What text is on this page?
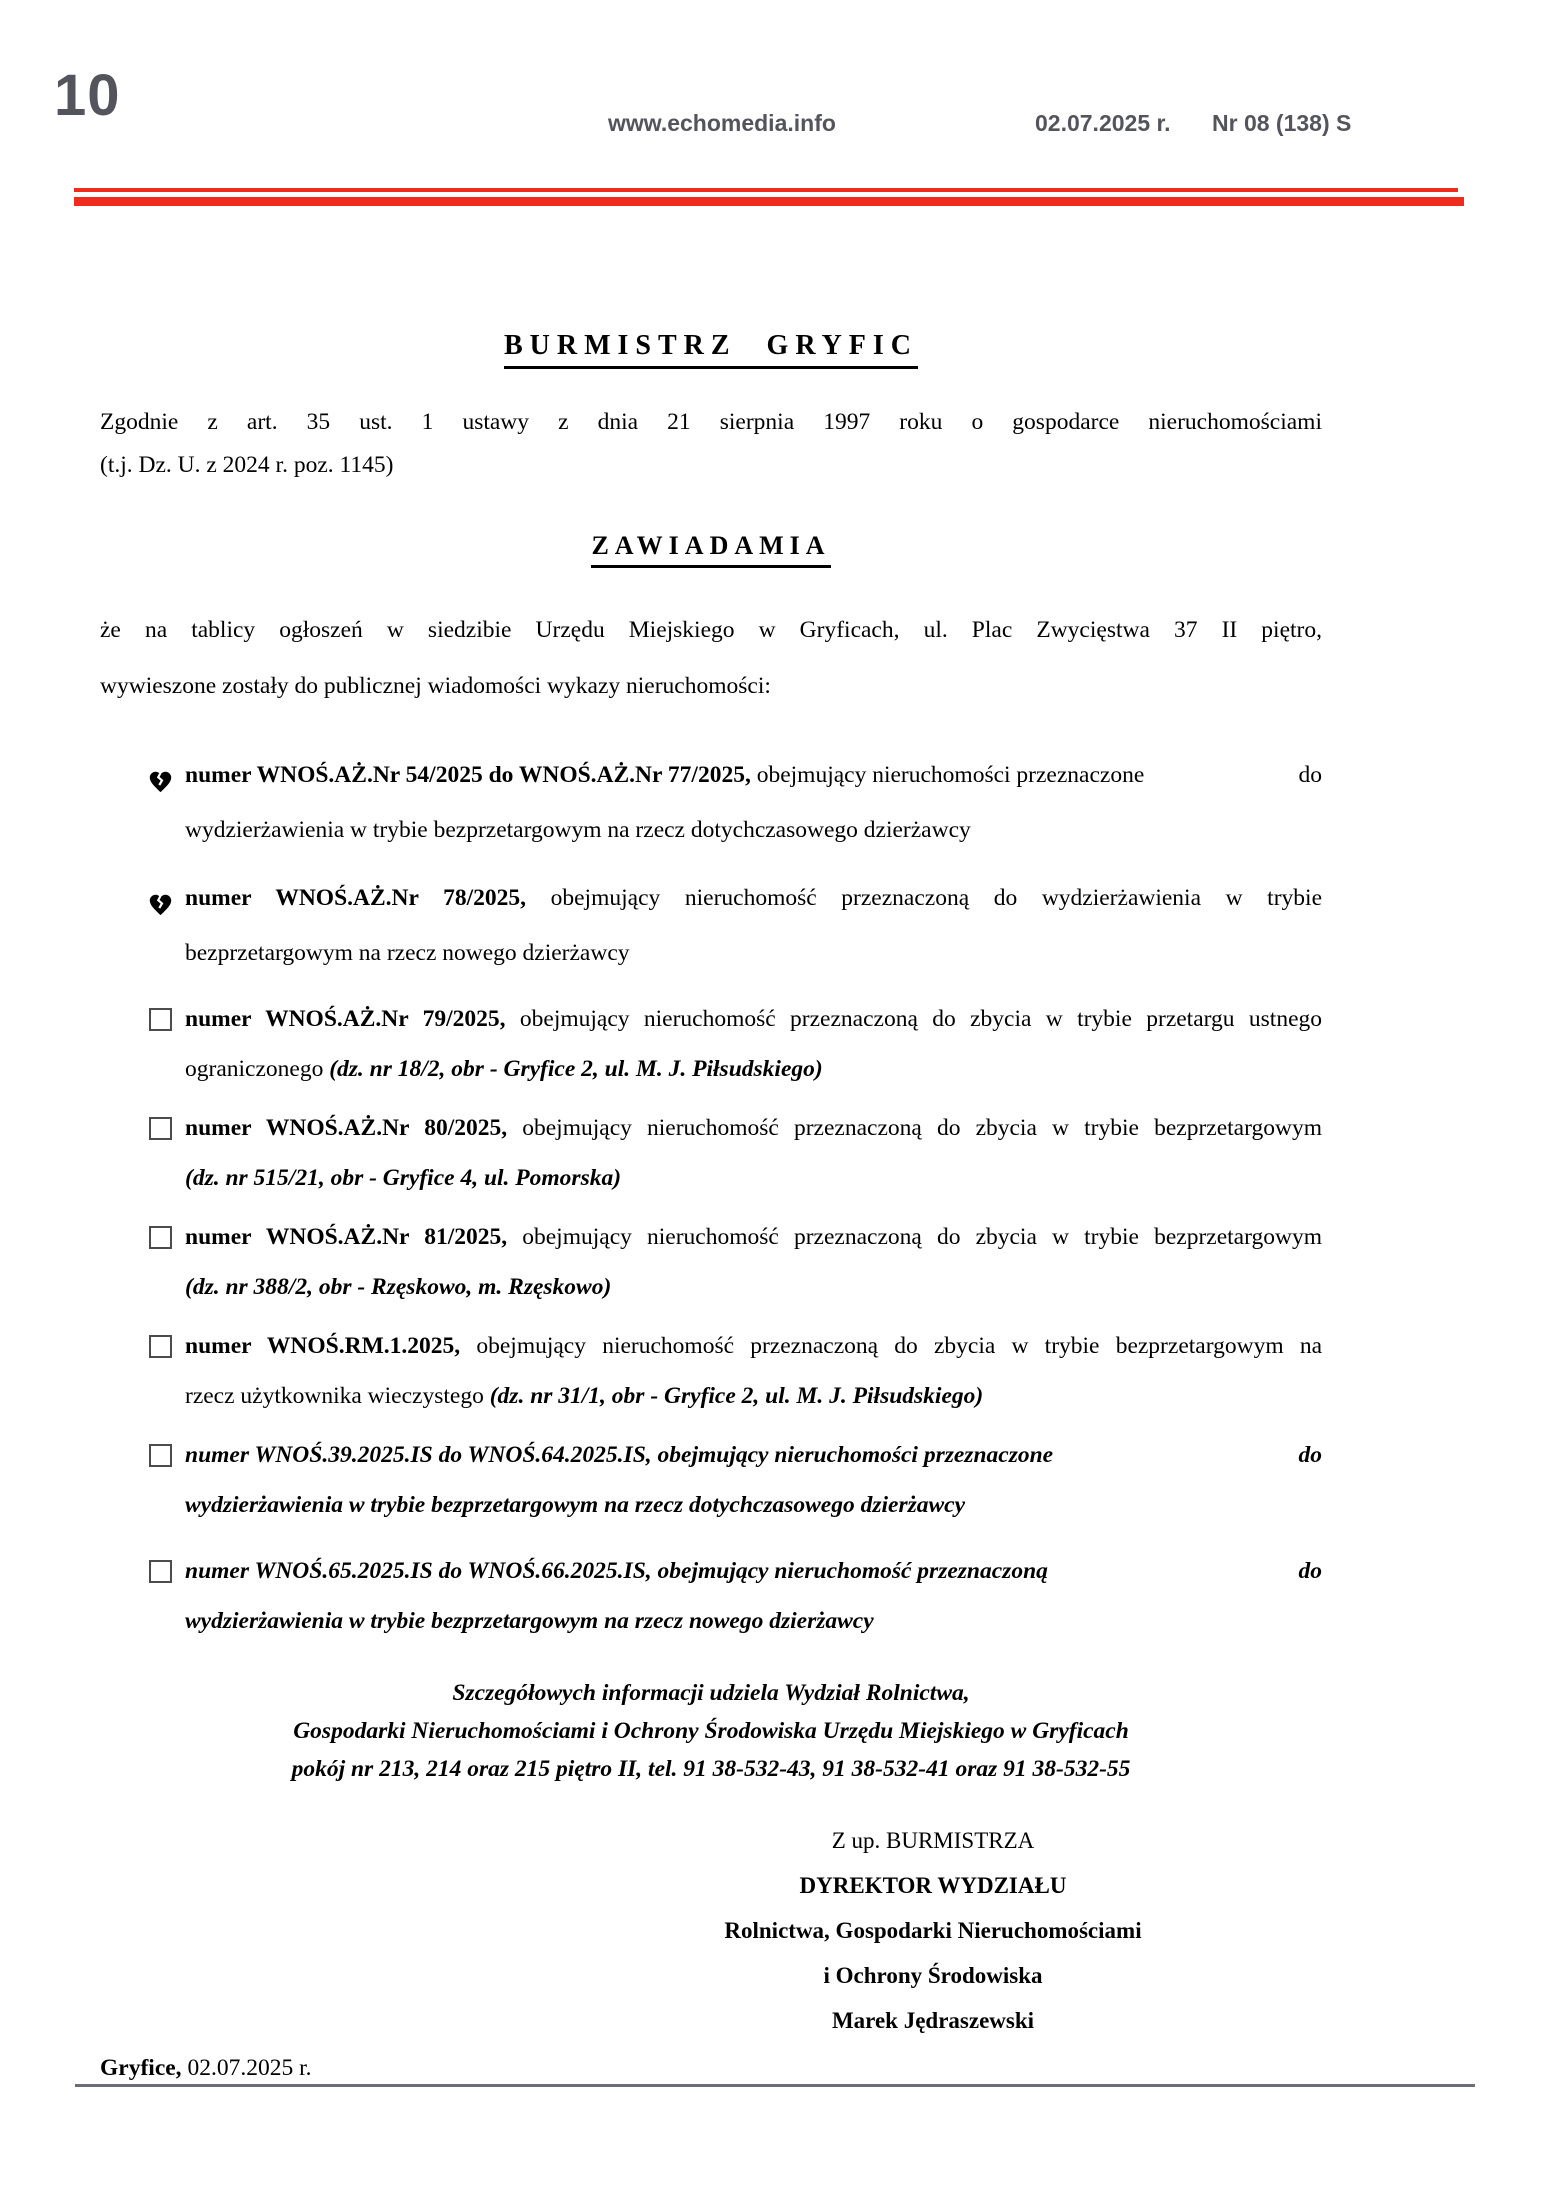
10	www.echomedia.info	02.07.2025 r. Nr 08 (138) S
BURMISTRZ GRYFIC
Zgodnie z art. 35 ust. 1 ustawy z dnia 21 sierpnia 1997 roku o gospodarce nieruchomościami
(t.j. Dz. U. z 2024 r. poz. 1145)
ZAWIADAMIA
że na tablicy ogłoszeń w siedzibie Urzędu Miejskiego w Gryficach, ul. Plac Zwycięstwa 37 II piętro,
wywieszone zostały do publicznej wiadomości wykazy nieruchomości:
numer WNOŚ.AŻ.Nr 54/2025 do WNOŚ.AŻ.Nr 77/2025, obejmujący nieruchomości przeznaczone	do
wydzierżawienia w trybie bezprzetargowym na rzecz dotychczasowego dzierżawcy
numer WNOŚ.AŻ.Nr 78/2025, obejmujący nieruchomość przeznaczoną do wydzierżawienia w trybie
bezprzetargowym na rzecz nowego dzierżawcy
numer WNOŚ.AŻ.Nr 79/2025, obejmujący nieruchomość przeznaczoną do zbycia w trybie przetargu ustnego
ograniczonego (dz. nr 18/2, obr - Gryfice 2, ul. M. J. Piłsudskiego)
numer WNOŚ.AŻ.Nr 80/2025, obejmujący nieruchomość przeznaczoną do zbycia w trybie bezprzetargowym
(dz. nr 515/21, obr - Gryfice 4, ul. Pomorska)
numer WNOŚ.AŻ.Nr 81/2025, obejmujący nieruchomość przeznaczoną do zbycia w trybie bezprzetargowym
(dz. nr 388/2, obr - Rzęskowo, m. Rzęskowo)
numer WNOŚ.RM.1.2025, obejmujący nieruchomość przeznaczoną do zbycia w trybie bezprzetargowym na
rzecz użytkownika wieczystego (dz. nr 31/1, obr - Gryfice 2, ul. M. J. Piłsudskiego)
numer WNOŚ.39.2025.IS do WNOŚ.64.2025.IS, obejmujący nieruchomości przeznaczone	do
wydzierżawienia w trybie bezprzetargowym na rzecz dotychczasowego dzierżawcy
numer WNOŚ.65.2025.IS do WNOŚ.66.2025.IS, obejmujący nieruchomość przeznaczoną	do
wydzierżawienia w trybie bezprzetargowym na rzecz nowego dzierżawcy
Szczegółowych informacji udziela Wydział Rolnictwa,
Gospodarki Nieruchomościami i Ochrony Środowiska Urzędu Miejskiego w Gryficach
pokój nr 213, 214 oraz 215 piętro II, tel. 91 38-532-43, 91 38-532-41 oraz 91 38-532-55
Z up. BURMISTRZA
DYREKTOR WYDZIAŁU
Rolnictwa, Gospodarki Nieruchomościami
i Ochrony Środowiska
Marek Jędraszewski
Gryfice, 02.07.2025 r.
